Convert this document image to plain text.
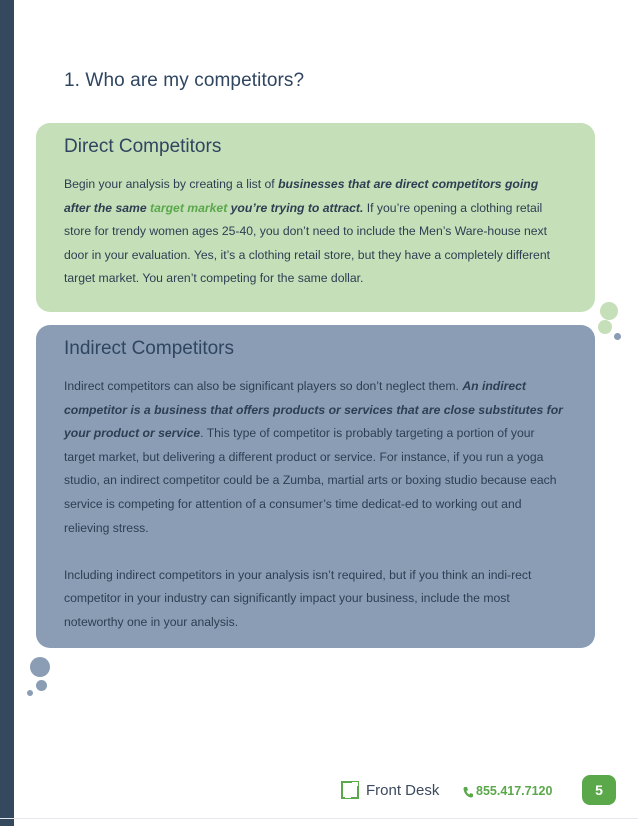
1. Who are my competitors?
Direct Competitors

Begin your analysis by creating a list of businesses that are direct competitors going after the same target market you’re trying to attract. If you’re opening a clothing retail store for trendy women ages 25-40, you don’t need to include the Men’s Ware-house next door in your evaluation. Yes, it’s a clothing retail store, but they have a completely different target market. You aren’t competing for the same dollar.

Indirect Competitors

Indirect competitors can also be significant players so don’t neglect them. An indirect competitor is a business that offers products or services that are close substitutes for your product or service. This type of competitor is probably targeting a portion of your target market, but delivering a different product or service. For instance, if you run a yoga studio, an indirect competitor could be a Zumba, martial arts or boxing studio because each service is competing for attention of a consumer’s time dedicat-ed to working out and relieving stress.

Including indirect competitors in your analysis isn’t required, but if you think an indi-rect competitor in your industry can significantly impact your business, include the most noteworthy one in your analysis.

Front Desk	855.417.7120	5
